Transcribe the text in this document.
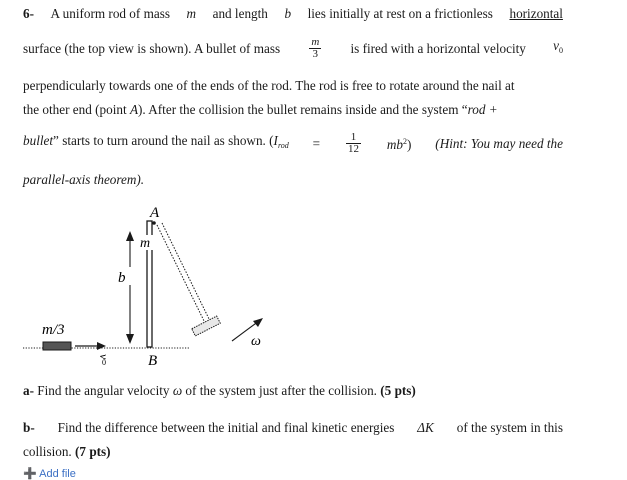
6- A uniform rod of mass m and length b lies initially at rest on a frictionless horizontal
surface (the top view is shown). A bullet of mass	$\frac{m}{3}$ is fired with a horizontal velocity $v_0$
perpendicularly towards one of the ends of the rod. The rod is free to rotate around the nail at
the other end (point A). After the collision the bullet remains inside and the system “rod +
bullet” starts to turn around the nail as shown. $(I_{rod} = \frac{1}{12} mb^2)$ (Hint: You may need the
parallel-axis theorem).
A
m
b
ω
m/3
v
0	B
a- Find the angular velocity ω of the system just after the collision. (5 pts)
b- Find the difference between the initial and final kinetic energies ΔK of the system in this
collision. (7 pts)
➕ Add file
